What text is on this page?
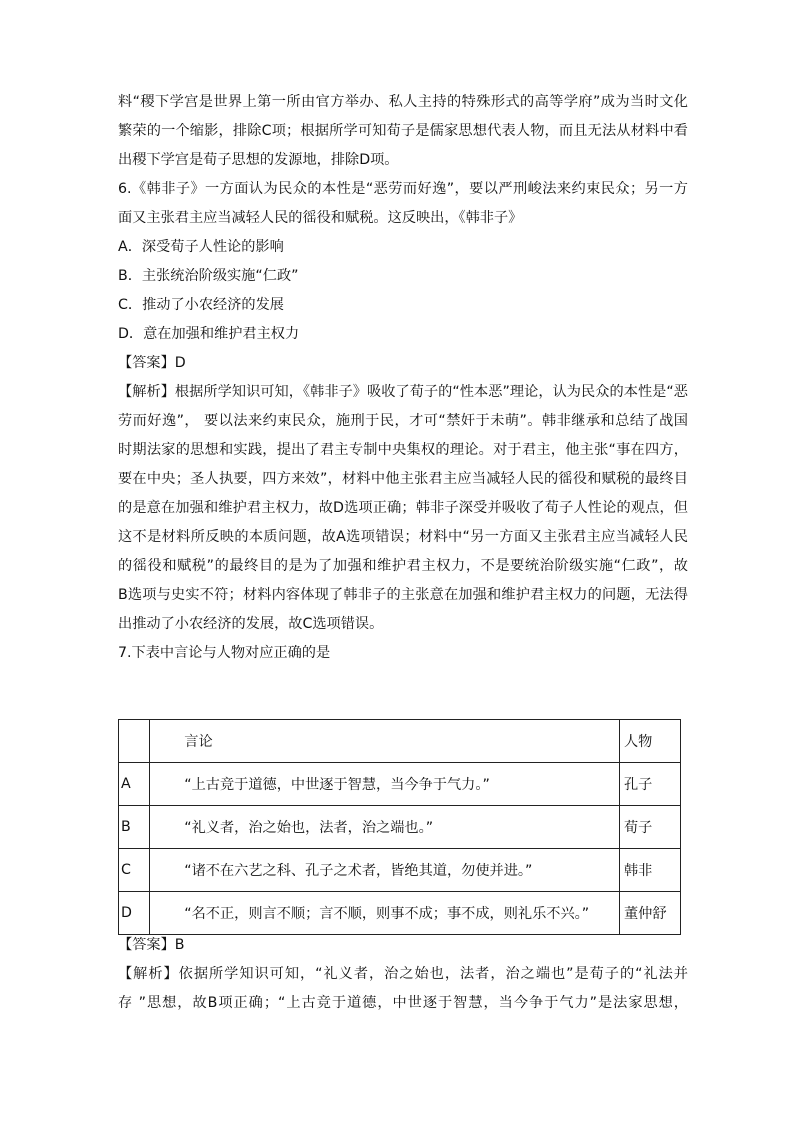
料“稷下学宫是世界上第一所由官方举办、私人主持的特殊形式的高等学府”成为当时文化
繁荣的一个缩影，排除C项；根据所学可知荀子是儒家思想代表人物，而且无法从材料中看
出稷下学宫是荀子思想的发源地，排除D项。
6.《韩非子》一方面认为民众的本性是“恶劳而好逸”，要以严刑峻法来约束民众；另一方
面又主张君主应当减轻人民的徭役和赋税。这反映出，《韩非子》
A．深受荀子人性论的影响
B．主张统治阶级实施“仁政”
C．推动了小农经济的发展
D．意在加强和维护君主权力
【答案】D
【解析】根据所学知识可知，《韩非子》吸收了荀子的“性本恶”理论，认为民众的本性是“恶
劳而好逸”， 要以法来约束民众，施刑于民，才可“禁奸于未萌”。韩非继承和总结了战国
时期法家的思想和实践，提出了君主专制中央集权的理论。对于君主，他主张“事在四方，
要在中央；圣人执要，四方来效”，材料中他主张君主应当减轻人民的徭役和赋税的最终目
的是意在加强和维护君主权力，故D选项正确；韩非子深受并吸收了荀子人性论的观点，但
这不是材料所反映的本质问题，故A选项错误；材料中“另一方面又主张君主应当减轻人民
的徭役和赋税”的最终目的是为了加强和维护君主权力，不是要统治阶级实施“仁政”，故
B选项与史实不符；材料内容体现了韩非子的主张意在加强和维护君主权力的问题，无法得
出推动了小农经济的发展，故C选项错误。
7.下表中言论与人物对应正确的是
	言论	人物
A	“上古竞于道德，中世逐于智慧，当今争于气力。”	孔子
B	“礼义者，治之始也，法者，治之端也。”	荀子
C	“诸不在六艺之科、孔子之术者，皆绝其道，勿使并进。”	韩非
D	“名不正，则言不顺；言不顺，则事不成；事不成，则礼乐不兴。”	董仲舒
【答案】B
【解析】依据所学知识可知，“礼义者，治之始也，法者，治之端也”是荀子的“礼法并
存 ”思想，故B项正确；“上古竞于道德，中世逐于智慧，当今争于气力”是法家思想，
